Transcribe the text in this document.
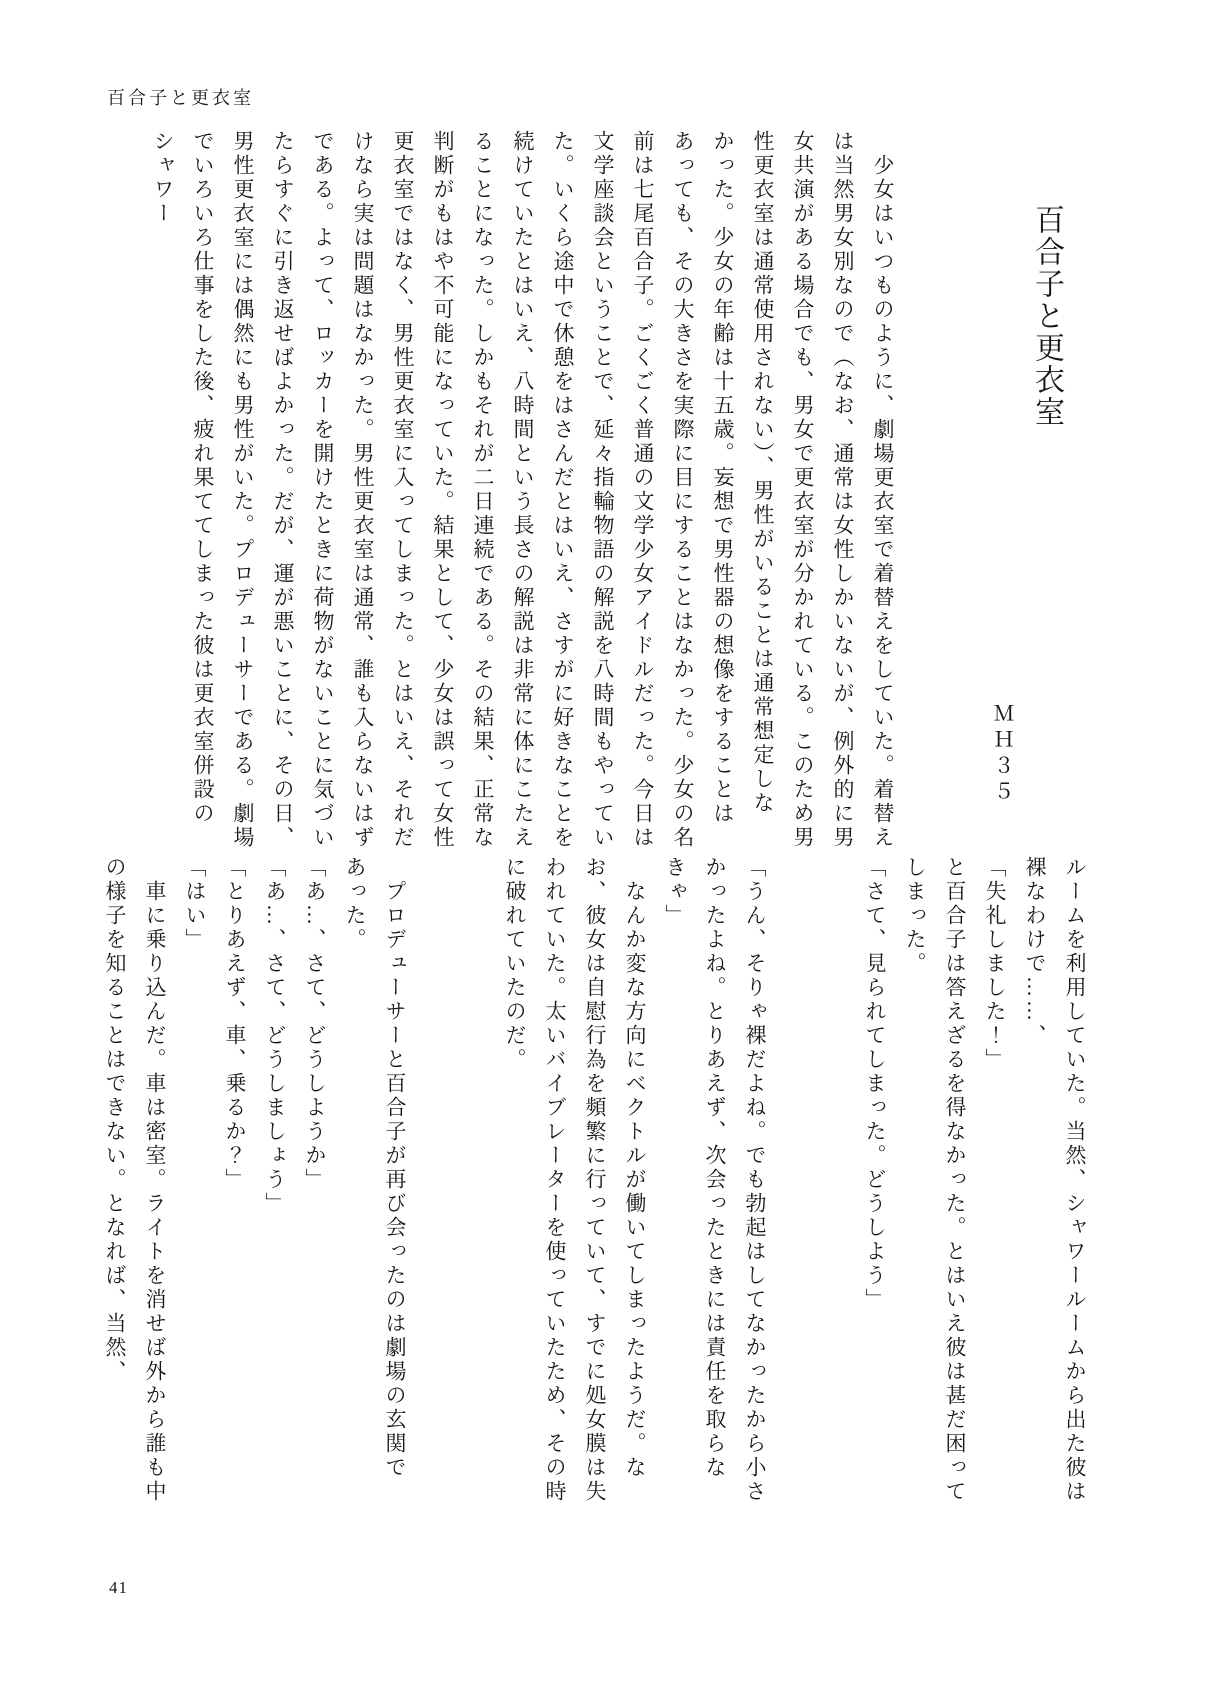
百合子と更衣室
百合子と更衣室
ＭＨ３５

　少女はいつものように、劇場更衣室で着替えをしていた。着替えは当然男女別なので（なお、通常は女性しかいないが、例外的に男女共演がある場合でも、男女で更衣室が分かれている。このため男性更衣室は通常使用されない）、男性がいることは通常想定しなかった。少女の年齢は十五歳。妄想で男性器の想像をすることはあっても、その大きさを実際に目にすることはなかった。少女の名前は七尾百合子。ごくごく普通の文学少女アイドルだった。今日は文学座談会ということで、延々指輪物語の解説を八時間もやっていた。いくら途中で休憩をはさんだとはいえ、さすがに好きなことを続けていたとはいえ、八時間という長さの解説は非常に体にこたえることになった。しかもそれが二日連続である。その結果、正常な判断がもはや不可能になっていた。結果として、少女は誤って女性更衣室ではなく、男性更衣室に入ってしまった。とはいえ、それだけなら実は問題はなかった。男性更衣室は通常、誰も入らないはずである。よって、ロッカーを開けたときに荷物がないことに気づいたらすぐに引き返せばよかった。だが、運が悪いことに、その日、男性更衣室には偶然にも男性がいた。プロデューサーである。劇場でいろいろ仕事をした後、疲れ果ててしまった彼は更衣室併設のシャワー

ルームを利用していた。当然、シャワールームから出た彼は裸なわけで……、

「失礼しました！」

と百合子は答えざるを得なかった。とはいえ彼は甚だ困ってしまった。

「さて、見られてしまった。どうしよう」

「うん、そりゃ裸だよね。でも勃起はしてなかったから小さかったよね。とりあえず、次会ったときには責任を取らなきゃ」

　なんか変な方向にベクトルが働いてしまったようだ。なお、彼女は自慰行為を頻繁に行っていて、すでに処女膜は失われていた。太いバイブレーターを使っていたため、その時に破れていたのだ。

　プロデューサーと百合子が再び会ったのは劇場の玄関であった。

「あ…、さて、どうしようか」

「あ…、さて、どうしましょう」

「とりあえず、車、乗るか？」

「はい」

　車に乗り込んだ。車は密室。ライトを消せば外から誰も中の様子を知ることはできない。となれば、当然、

41
